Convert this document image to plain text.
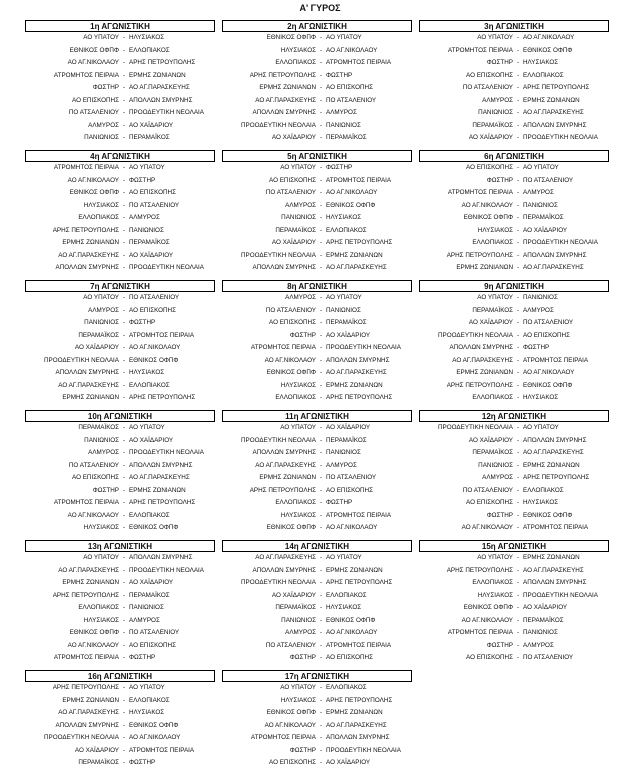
Α' ΓΥΡΟΣ
1η ΑΓΩΝΙΣΤΙΚΗ
ΑΟ ΥΠΑΤΟΥ - ΗΛΥΣΙΑΚΟΣ
ΕΘΝΙΚΟΣ ΟΦΠΦ - ΕΛΛΟΠΙΑΚΟΣ
ΑΟ ΑΓ.ΝΙΚΟΛΑΟΥ - ΑΡΗΣ ΠΕΤΡΟΥΠΟΛΗΣ
ΑΤΡΟΜΗΤΟΣ ΠΕΙΡΑΙΑ - ΕΡΜΗΣ ΖΩΝΙΑΝΩΝ
ΦΩΣΤΗΡ - ΑΟ ΑΓ.ΠΑΡΑΣΚΕΥΗΣ
ΑΟ ΕΠΙΣΚΟΠΗΣ - ΑΠΟΛΛΩΝ ΣΜΥΡΝΗΣ
ΠΟ ΑΤΣΑΛΕΝΙΟΥ - ΠΡΟΟΔΕΥΤΙΚΗ ΝΕΟΛΑΙΑ
ΑΛΜΥΡΟΣ - ΑΟ ΧΑΪΔΑΡΙΟΥ
ΠΑΝΙΩΝΙΟΣ - ΠΕΡΑΜΑΪΚΟΣ
2η ΑΓΩΝΙΣΤΙΚΗ
ΕΘΝΙΚΟΣ ΟΦΠΦ - ΑΟ ΥΠΑΤΟΥ
ΗΛΥΣΙΑΚΟΣ - ΑΟ ΑΓ.ΝΙΚΟΛΑΟΥ
ΕΛΛΟΠΙΑΚΟΣ - ΑΤΡΟΜΗΤΟΣ ΠΕΙΡΑΙΑ
ΑΡΗΣ ΠΕΤΡΟΥΠΟΛΗΣ - ΦΩΣΤΗΡ
ΕΡΜΗΣ ΖΩΝΙΑΝΩΝ - ΑΟ ΕΠΙΣΚΟΠΗΣ
ΑΟ ΑΓ.ΠΑΡΑΣΚΕΥΗΣ - ΠΟ ΑΤΣΑΛΕΝΙΟΥ
ΑΠΟΛΛΩΝ ΣΜΥΡΝΗΣ - ΑΛΜΥΡΟΣ
ΠΡΟΟΔΕΥΤΙΚΗ ΝΕΟΛΑΙΑ - ΠΑΝΙΩΝΙΟΣ
ΑΟ ΧΑΪΔΑΡΙΟΥ - ΠΕΡΑΜΑΪΚΟΣ
3η ΑΓΩΝΙΣΤΙΚΗ
ΑΟ ΥΠΑΤΟΥ - ΑΟ ΑΓ.ΝΙΚΟΛΑΟΥ
ΑΤΡΟΜΗΤΟΣ ΠΕΙΡΑΙΑ - ΕΘΝΙΚΟΣ ΟΦΠΦ
ΦΩΣΤΗΡ - ΗΛΥΣΙΑΚΟΣ
ΑΟ ΕΠΙΣΚΟΠΗΣ - ΕΛΛΟΠΙΑΚΟΣ
ΠΟ ΑΤΣΑΛΕΝΙΟΥ - ΑΡΗΣ ΠΕΤΡΟΥΠΟΛΗΣ
ΑΛΜΥΡΟΣ - ΕΡΜΗΣ ΖΩΝΙΑΝΩΝ
ΠΑΝΙΩΝΙΟΣ - ΑΟ ΑΓ.ΠΑΡΑΣΚΕΥΗΣ
ΠΕΡΑΜΑΪΚΟΣ - ΑΠΟΛΛΩΝ ΣΜΥΡΝΗΣ
ΑΟ ΧΑΪΔΑΡΙΟΥ - ΠΡΟΟΔΕΥΤΙΚΗ ΝΕΟΛΑΙΑ
4η ΑΓΩΝΙΣΤΙΚΗ
ΑΤΡΟΜΗΤΟΣ ΠΕΙΡΑΙΑ - ΑΟ ΥΠΑΤΟΥ
ΑΟ ΑΓ.ΝΙΚΟΛΑΟΥ - ΦΩΣΤΗΡ
ΕΘΝΙΚΟΣ ΟΦΠΦ - ΑΟ ΕΠΙΣΚΟΠΗΣ
ΗΛΥΣΙΑΚΟΣ - ΠΟ ΑΤΣΑΛΕΝΙΟΥ
ΕΛΛΟΠΙΑΚΟΣ - ΑΛΜΥΡΟΣ
ΑΡΗΣ ΠΕΤΡΟΥΠΟΛΗΣ - ΠΑΝΙΩΝΙΟΣ
ΕΡΜΗΣ ΖΩΝΙΑΝΩΝ - ΠΕΡΑΜΑΪΚΟΣ
ΑΟ ΑΓ.ΠΑΡΑΣΚΕΥΗΣ - ΑΟ ΧΑΪΔΑΡΙΟΥ
ΑΠΟΛΛΩΝ ΣΜΥΡΝΗΣ - ΠΡΟΟΔΕΥΤΙΚΗ ΝΕΟΛΑΙΑ
5η ΑΓΩΝΙΣΤΙΚΗ
ΑΟ ΥΠΑΤΟΥ - ΦΩΣΤΗΡ
ΑΟ ΕΠΙΣΚΟΠΗΣ - ΑΤΡΟΜΗΤΟΣ ΠΕΙΡΑΙΑ
ΠΟ ΑΤΣΑΛΕΝΙΟΥ - ΑΟ ΑΓ.ΝΙΚΟΛΑΟΥ
ΑΛΜΥΡΟΣ - ΕΘΝΙΚΟΣ ΟΦΠΦ
ΠΑΝΙΩΝΙΟΣ - ΗΛΥΣΙΑΚΟΣ
ΠΕΡΑΜΑΪΚΟΣ - ΕΛΛΟΠΙΑΚΟΣ
ΑΟ ΧΑΪΔΑΡΙΟΥ - ΑΡΗΣ ΠΕΤΡΟΥΠΟΛΗΣ
ΠΡΟΟΔΕΥΤΙΚΗ ΝΕΟΛΑΙΑ - ΕΡΜΗΣ ΖΩΝΙΑΝΩΝ
ΑΠΟΛΛΩΝ ΣΜΥΡΝΗΣ - ΑΟ ΑΓ.ΠΑΡΑΣΚΕΥΗΣ
6η ΑΓΩΝΙΣΤΙΚΗ
ΑΟ ΕΠΙΣΚΟΠΗΣ - ΑΟ ΥΠΑΤΟΥ
ΦΩΣΤΗΡ - ΠΟ ΑΤΣΑΛΕΝΙΟΥ
ΑΤΡΟΜΗΤΟΣ ΠΕΙΡΑΙΑ - ΑΛΜΥΡΟΣ
ΑΟ ΑΓ.ΝΙΚΟΛΑΟΥ - ΠΑΝΙΩΝΙΟΣ
ΕΘΝΙΚΟΣ ΟΦΠΦ - ΠΕΡΑΜΑΪΚΟΣ
ΗΛΥΣΙΑΚΟΣ - ΑΟ ΧΑΪΔΑΡΙΟΥ
ΕΛΛΟΠΙΑΚΟΣ - ΠΡΟΟΔΕΥΤΙΚΗ ΝΕΟΛΑΙΑ
ΑΡΗΣ ΠΕΤΡΟΥΠΟΛΗΣ - ΑΠΟΛΛΩΝ ΣΜΥΡΝΗΣ
ΕΡΜΗΣ ΖΩΝΙΑΝΩΝ - ΑΟ ΑΓ.ΠΑΡΑΣΚΕΥΗΣ
7η ΑΓΩΝΙΣΤΙΚΗ
ΑΟ ΥΠΑΤΟΥ - ΠΟ ΑΤΣΑΛΕΝΙΟΥ
ΑΛΜΥΡΟΣ - ΑΟ ΕΠΙΣΚΟΠΗΣ
ΠΑΝΙΩΝΙΟΣ - ΦΩΣΤΗΡ
ΠΕΡΑΜΑΪΚΟΣ - ΑΤΡΟΜΗΤΟΣ ΠΕΙΡΑΙΑ
ΑΟ ΧΑΪΔΑΡΙΟΥ - ΑΟ ΑΓ.ΝΙΚΟΛΑΟΥ
ΠΡΟΟΔΕΥΤΙΚΗ ΝΕΟΛΑΙΑ - ΕΘΝΙΚΟΣ ΟΦΠΦ
ΑΠΟΛΛΩΝ ΣΜΥΡΝΗΣ - ΗΛΥΣΙΑΚΟΣ
ΑΟ ΑΓ.ΠΑΡΑΣΚΕΥΗΣ - ΕΛΛΟΠΙΑΚΟΣ
ΕΡΜΗΣ ΖΩΝΙΑΝΩΝ - ΑΡΗΣ ΠΕΤΡΟΥΠΟΛΗΣ
8η ΑΓΩΝΙΣΤΙΚΗ
ΑΛΜΥΡΟΣ - ΑΟ ΥΠΑΤΟΥ
ΠΟ ΑΤΣΑΛΕΝΙΟΥ - ΠΑΝΙΩΝΙΟΣ
ΑΟ ΕΠΙΣΚΟΠΗΣ - ΠΕΡΑΜΑΪΚΟΣ
ΦΩΣΤΗΡ - ΑΟ ΧΑΪΔΑΡΙΟΥ
ΑΤΡΟΜΗΤΟΣ ΠΕΙΡΑΙΑ - ΠΡΟΟΔΕΥΤΙΚΗ ΝΕΟΛΑΙΑ
ΑΟ ΑΓ.ΝΙΚΟΛΑΟΥ - ΑΠΟΛΛΩΝ ΣΜΥΡΝΗΣ
ΕΘΝΙΚΟΣ ΟΦΠΦ - ΑΟ ΑΓ.ΠΑΡΑΣΚΕΥΗΣ
ΗΛΥΣΙΑΚΟΣ - ΕΡΜΗΣ ΖΩΝΙΑΝΩΝ
ΕΛΛΟΠΙΑΚΟΣ - ΑΡΗΣ ΠΕΤΡΟΥΠΟΛΗΣ
9η ΑΓΩΝΙΣΤΙΚΗ
ΑΟ ΥΠΑΤΟΥ - ΠΑΝΙΩΝΙΟΣ
ΠΕΡΑΜΑΪΚΟΣ - ΑΛΜΥΡΟΣ
ΑΟ ΧΑΪΔΑΡΙΟΥ - ΠΟ ΑΤΣΑΛΕΝΙΟΥ
ΠΡΟΟΔΕΥΤΙΚΗ ΝΕΟΛΑΙΑ - ΑΟ ΕΠΙΣΚΟΠΗΣ
ΑΠΟΛΛΩΝ ΣΜΥΡΝΗΣ - ΦΩΣΤΗΡ
ΑΟ ΑΓ.ΠΑΡΑΣΚΕΥΗΣ - ΑΤΡΟΜΗΤΟΣ ΠΕΙΡΑΙΑ
ΕΡΜΗΣ ΖΩΝΙΑΝΩΝ - ΑΟ ΑΓ.ΝΙΚΟΛΑΟΥ
ΑΡΗΣ ΠΕΤΡΟΥΠΟΛΗΣ - ΕΘΝΙΚΟΣ ΟΦΠΦ
ΕΛΛΟΠΙΑΚΟΣ - ΗΛΥΣΙΑΚΟΣ
10η ΑΓΩΝΙΣΤΙΚΗ
ΠΕΡΑΜΑΪΚΟΣ - ΑΟ ΥΠΑΤΟΥ
ΠΑΝΙΩΝΙΟΣ - ΑΟ ΧΑΪΔΑΡΙΟΥ
ΑΛΜΥΡΟΣ - ΠΡΟΟΔΕΥΤΙΚΗ ΝΕΟΛΑΙΑ
ΠΟ ΑΤΣΑΛΕΝΙΟΥ - ΑΠΟΛΛΩΝ ΣΜΥΡΝΗΣ
ΑΟ ΕΠΙΣΚΟΠΗΣ - ΑΟ ΑΓ.ΠΑΡΑΣΚΕΥΗΣ
ΦΩΣΤΗΡ - ΕΡΜΗΣ ΖΩΝΙΑΝΩΝ
ΑΤΡΟΜΗΤΟΣ ΠΕΙΡΑΙΑ - ΑΡΗΣ ΠΕΤΡΟΥΠΟΛΗΣ
ΑΟ ΑΓ.ΝΙΚΟΛΑΟΥ - ΕΛΛΟΠΙΑΚΟΣ
ΗΛΥΣΙΑΚΟΣ - ΕΘΝΙΚΟΣ ΟΦΠΦ
11η ΑΓΩΝΙΣΤΙΚΗ
ΑΟ ΥΠΑΤΟΥ - ΑΟ ΧΑΪΔΑΡΙΟΥ
ΠΡΟΟΔΕΥΤΙΚΗ ΝΕΟΛΑΙΑ - ΠΕΡΑΜΑΪΚΟΣ
ΑΠΟΛΛΩΝ ΣΜΥΡΝΗΣ - ΠΑΝΙΩΝΙΟΣ
ΑΟ ΑΓ.ΠΑΡΑΣΚΕΥΗΣ - ΑΛΜΥΡΟΣ
ΕΡΜΗΣ ΖΩΝΙΑΝΩΝ - ΠΟ ΑΤΣΑΛΕΝΙΟΥ
ΑΡΗΣ ΠΕΤΡΟΥΠΟΛΗΣ - ΑΟ ΕΠΙΣΚΟΠΗΣ
ΕΛΛΟΠΙΑΚΟΣ - ΦΩΣΤΗΡ
ΗΛΥΣΙΑΚΟΣ - ΑΤΡΟΜΗΤΟΣ ΠΕΙΡΑΙΑ
ΕΘΝΙΚΟΣ ΟΦΠΦ - ΑΟ ΑΓ.ΝΙΚΟΛΑΟΥ
12η ΑΓΩΝΙΣΤΙΚΗ
ΠΡΟΟΔΕΥΤΙΚΗ ΝΕΟΛΑΙΑ - ΑΟ ΥΠΑΤΟΥ
ΑΟ ΧΑΪΔΑΡΙΟΥ - ΑΠΟΛΛΩΝ ΣΜΥΡΝΗΣ
ΠΕΡΑΜΑΪΚΟΣ - ΑΟ ΑΓ.ΠΑΡΑΣΚΕΥΗΣ
ΠΑΝΙΩΝΙΟΣ - ΕΡΜΗΣ ΖΩΝΙΑΝΩΝ
ΑΛΜΥΡΟΣ - ΑΡΗΣ ΠΕΤΡΟΥΠΟΛΗΣ
ΠΟ ΑΤΣΑΛΕΝΙΟΥ - ΕΛΛΟΠΙΑΚΟΣ
ΑΟ ΕΠΙΣΚΟΠΗΣ - ΗΛΥΣΙΑΚΟΣ
ΦΩΣΤΗΡ - ΕΘΝΙΚΟΣ ΟΦΠΦ
ΑΟ ΑΓ.ΝΙΚΟΛΑΟΥ - ΑΤΡΟΜΗΤΟΣ ΠΕΙΡΑΙΑ
13η ΑΓΩΝΙΣΤΙΚΗ
ΑΟ ΥΠΑΤΟΥ - ΑΠΟΛΛΩΝ ΣΜΥΡΝΗΣ
ΑΟ ΑΓ.ΠΑΡΑΣΚΕΥΗΣ - ΠΡΟΟΔΕΥΤΙΚΗ ΝΕΟΛΑΙΑ
ΕΡΜΗΣ ΖΩΝΙΑΝΩΝ - ΑΟ ΧΑΪΔΑΡΙΟΥ
ΑΡΗΣ ΠΕΤΡΟΥΠΟΛΗΣ - ΠΕΡΑΜΑΪΚΟΣ
ΕΛΛΟΠΙΑΚΟΣ - ΠΑΝΙΩΝΙΟΣ
ΗΛΥΣΙΑΚΟΣ - ΑΛΜΥΡΟΣ
ΕΘΝΙΚΟΣ ΟΦΠΦ - ΠΟ ΑΤΣΑΛΕΝΙΟΥ
ΑΟ ΑΓ.ΝΙΚΟΛΑΟΥ - ΑΟ ΕΠΙΣΚΟΠΗΣ
ΑΤΡΟΜΗΤΟΣ ΠΕΙΡΑΙΑ - ΦΩΣΤΗΡ
14η ΑΓΩΝΙΣΤΙΚΗ
ΑΟ ΑΓ.ΠΑΡΑΣΚΕΥΗΣ - ΑΟ ΥΠΑΤΟΥ
ΑΠΟΛΛΩΝ ΣΜΥΡΝΗΣ - ΕΡΜΗΣ ΖΩΝΙΑΝΩΝ
ΠΡΟΟΔΕΥΤΙΚΗ ΝΕΟΛΑΙΑ - ΑΡΗΣ ΠΕΤΡΟΥΠΟΛΗΣ
ΑΟ ΧΑΪΔΑΡΙΟΥ - ΕΛΛΟΠΙΑΚΟΣ
ΠΕΡΑΜΑΪΚΟΣ - ΗΛΥΣΙΑΚΟΣ
ΠΑΝΙΩΝΙΟΣ - ΕΘΝΙΚΟΣ ΟΦΠΦ
ΑΛΜΥΡΟΣ - ΑΟ ΑΓ.ΝΙΚΟΛΑΟΥ
ΠΟ ΑΤΣΑΛΕΝΙΟΥ - ΑΤΡΟΜΗΤΟΣ ΠΕΙΡΑΙΑ
ΦΩΣΤΗΡ - ΑΟ ΕΠΙΣΚΟΠΗΣ
15η ΑΓΩΝΙΣΤΙΚΗ
ΑΟ ΥΠΑΤΟΥ - ΕΡΜΗΣ ΖΩΝΙΑΝΩΝ
ΑΡΗΣ ΠΕΤΡΟΥΠΟΛΗΣ - ΑΟ ΑΓ.ΠΑΡΑΣΚΕΥΗΣ
ΕΛΛΟΠΙΑΚΟΣ - ΑΠΟΛΛΩΝ ΣΜΥΡΝΗΣ
ΗΛΥΣΙΑΚΟΣ - ΠΡΟΟΔΕΥΤΙΚΗ ΝΕΟΛΑΙΑ
ΕΘΝΙΚΟΣ ΟΦΠΦ - ΑΟ ΧΑΪΔΑΡΙΟΥ
ΑΟ ΑΓ.ΝΙΚΟΛΑΟΥ - ΠΕΡΑΜΑΪΚΟΣ
ΑΤΡΟΜΗΤΟΣ ΠΕΙΡΑΙΑ - ΠΑΝΙΩΝΙΟΣ
ΦΩΣΤΗΡ - ΑΛΜΥΡΟΣ
ΑΟ ΕΠΙΣΚΟΠΗΣ - ΠΟ ΑΤΣΑΛΕΝΙΟΥ
16η ΑΓΩΝΙΣΤΙΚΗ
ΑΡΗΣ ΠΕΤΡΟΥΠΟΛΗΣ - ΑΟ ΥΠΑΤΟΥ
ΕΡΜΗΣ ΖΩΝΙΑΝΩΝ - ΕΛΛΟΠΙΑΚΟΣ
ΑΟ ΑΓ.ΠΑΡΑΣΚΕΥΗΣ - ΗΛΥΣΙΑΚΟΣ
ΑΠΟΛΛΩΝ ΣΜΥΡΝΗΣ - ΕΘΝΙΚΟΣ ΟΦΠΦ
ΠΡΟΟΔΕΥΤΙΚΗ ΝΕΟΛΑΙΑ - ΑΟ ΑΓ.ΝΙΚΟΛΑΟΥ
ΑΟ ΧΑΪΔΑΡΙΟΥ - ΑΤΡΟΜΗΤΟΣ ΠΕΙΡΑΙΑ
ΠΕΡΑΜΑΪΚΟΣ - ΦΩΣΤΗΡ
17η ΑΓΩΝΙΣΤΙΚΗ
ΑΟ ΥΠΑΤΟΥ - ΕΛΛΟΠΙΑΚΟΣ
ΗΛΥΣΙΑΚΟΣ - ΑΡΗΣ ΠΕΤΡΟΥΠΟΛΗΣ
ΕΘΝΙΚΟΣ ΟΦΠΦ - ΕΡΜΗΣ ΖΩΝΙΑΝΩΝ
ΑΟ ΑΓ.ΝΙΚΟΛΑΟΥ - ΑΟ ΑΓ.ΠΑΡΑΣΚΕΥΗΣ
ΑΤΡΟΜΗΤΟΣ ΠΕΙΡΑΙΑ - ΑΠΟΛΛΩΝ ΣΜΥΡΝΗΣ
ΦΩΣΤΗΡ - ΠΡΟΟΔΕΥΤΙΚΗ ΝΕΟΛΑΙΑ
ΑΟ ΕΠΙΣΚΟΠΗΣ - ΑΟ ΧΑΪΔΑΡΙΟΥ
